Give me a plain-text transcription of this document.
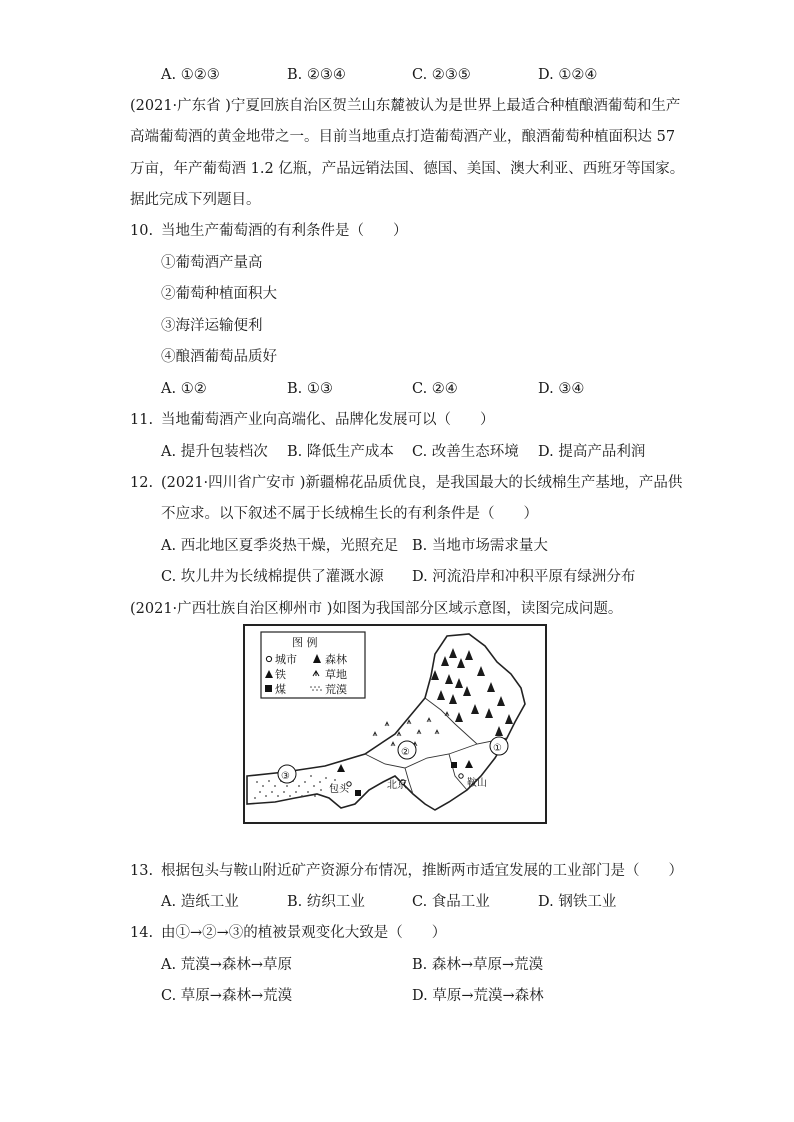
A. ①②③	B. ②③④	C. ②③⑤	D. ①②④
(2021·广东省 )宁夏回族自治区贺兰山东麓被认为是世界上最适合种植酿酒葡萄和生产
高端葡萄酒的黄金地带之一。目前当地重点打造葡萄酒产业，酿酒葡萄种植面积达 57
万亩，年产葡萄酒 1.2 亿瓶，产品远销法国、德国、美国、澳大利亚、西班牙等国家。
据此完成下列题目。
10. 当地生产葡萄酒的有利条件是（　　）
①葡萄酒产量高
②葡萄种植面积大
③海洋运输便利
④酿酒葡萄品质好
A. ①②	B. ①③	C. ②④	D. ③④
11. 当地葡萄酒产业向高端化、品牌化发展可以（　　）
A. 提升包装档次 B. 降低生产成本 C. 改善生态环境 D. 提高产品利润
12. (2021·四川省广安市 )新疆棉花品质优良，是我国最大的长绒棉生产基地，产品供
不应求。以下叙述不属于长绒棉生长的有利条件是（　　）
A. 西北地区夏季炎热干燥，光照充足 B. 当地市场需求量大
C. 坎儿井为长绒棉提供了灌溉水源 D. 河流沿岸和冲积平原有绿洲分布
(2021·广西壮族自治区柳州市 )如图为我国部分区域示意图，读图完成问题。
图 例
城市	森林
铁	草地
煤	荒漠
①
②
③
包头	北京	鞍山
13. 根据包头与鞍山附近矿产资源分布情况，推断两市适宜发展的工业部门是（　　）
A. 造纸工业	B. 纺织工业	C. 食品工业	D. 钢铁工业
14. 由①→②→③的植被景观变化大致是（　　）
A. 荒漠→森林→草原	B. 森林→草原→荒漠
C. 草原→森林→荒漠	D. 草原→荒漠→森林
